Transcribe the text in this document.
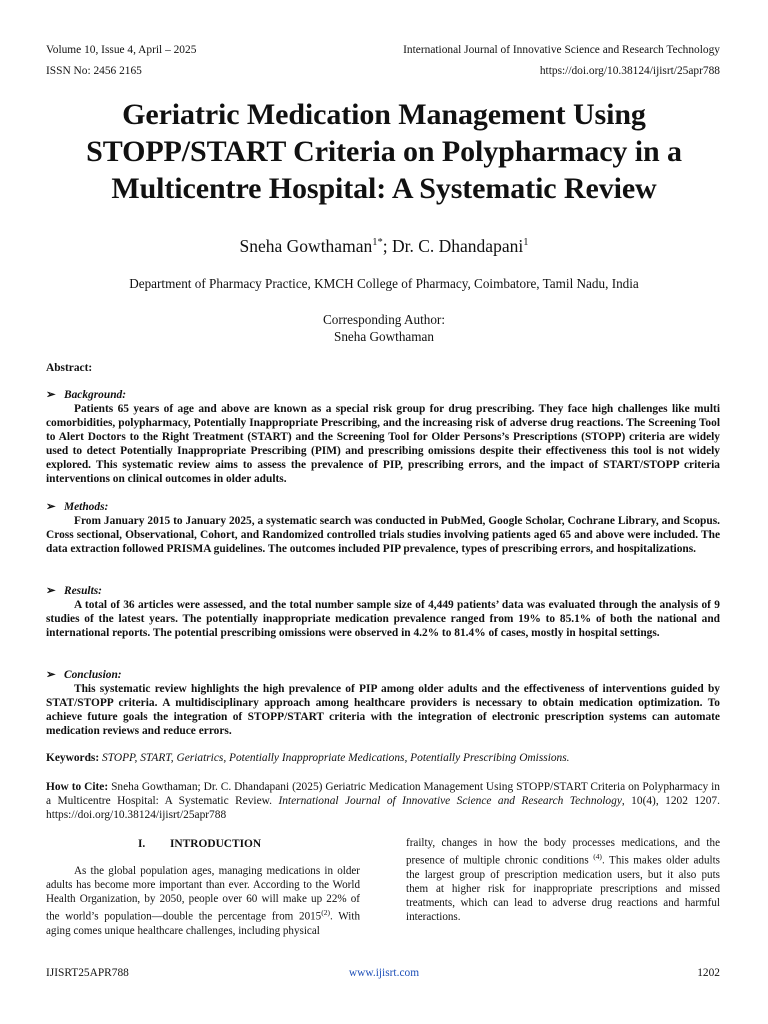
Volume 10, Issue 4, April – 2025
ISSN No: 2456 2165
International Journal of Innovative Science and Research Technology
https://doi.org/10.38124/ijisrt/25apr788
Geriatric Medication Management Using
STOPP/START Criteria on Polypharmacy in a
Multicentre Hospital: A Systematic Review
Sneha Gowthaman$^{1*}$; Dr. C. Dhandapani$^1$
Department of Pharmacy Practice, KMCH College of Pharmacy, Coimbatore, Tamil Nadu, India
Corresponding Author:
Sneha Gowthaman
Abstract:
➢ Background:
Patients 65 years of age and above are known as a special risk group for drug prescribing. They face high challenges like multi comorbidities, polypharmacy, Potentially Inappropriate Prescribing, and the increasing risk of adverse drug reactions. The Screening Tool to Alert Doctors to the Right Treatment (START) and the Screening Tool for Older Persons’s Prescriptions (STOPP) criteria are widely used to detect Potentially Inappropriate Prescribing (PIM) and prescribing omissions despite their effectiveness this tool is not widely explored. This systematic review aims to assess the prevalence of PIP, prescribing errors, and the impact of START/STOPP criteria interventions on clinical outcomes in older adults.
➢ Methods:
From January 2015 to January 2025, a systematic search was conducted in PubMed, Google Scholar, Cochrane Library, and Scopus. Cross sectional, Observational, Cohort, and Randomized controlled trials studies involving patients aged 65 and above were included. The data extraction followed PRISMA guidelines. The outcomes included PIP prevalence, types of prescribing errors, and hospitalizations.
➢ Results:
A total of 36 articles were assessed, and the total number sample size of 4,449 patients’ data was evaluated through the analysis of 9 studies of the latest years. The potentially inappropriate medication prevalence ranged from 19% to 85.1% of both the national and international reports. The potential prescribing omissions were observed in 4.2% to 81.4% of cases, mostly in hospital settings.
➢ Conclusion:
This systematic review highlights the high prevalence of PIP among older adults and the effectiveness of interventions guided by STAT/STOPP criteria. A multidisciplinary approach among healthcare providers is necessary to obtain medication optimization. To achieve future goals the integration of STOPP/START criteria with the integration of electronic prescription systems can automate medication reviews and reduce errors.
Keywords: STOPP, START, Geriatrics, Potentially Inappropriate Medications, Potentially Prescribing Omissions.
How to Cite: Sneha Gowthaman; Dr. C. Dhandapani (2025) Geriatric Medication Management Using STOPP/START Criteria on Polypharmacy in a Multicentre Hospital: A Systematic Review. International Journal of Innovative Science and Research Technology, 10(4), 1202 1207. https://doi.org/10.38124/ijisrt/25apr788
I. INTRODUCTION

As the global population ages, managing medications in older adults has become more important than ever. According to the World Health Organization, by 2050, people over 60 will make up 22% of the world’s population—double the percentage from 2015$^{(2)}$. With aging comes unique healthcare challenges, including physical

frailty, changes in how the body processes medications, and the presence of multiple chronic conditions $^{(4)}$. This makes older adults the largest group of prescription medication users, but it also puts them at higher risk for inappropriate prescriptions and missed treatments, which can lead to adverse drug reactions and harmful interactions.

IJISRT25APR788	www.ijisrt.com	1202
